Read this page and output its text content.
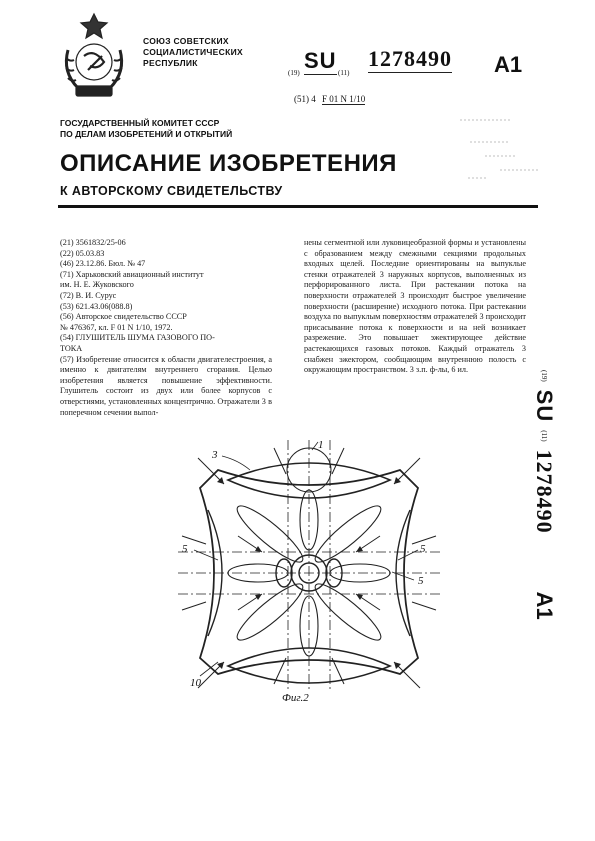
СОЮЗ СОВЕТСКИХ
СОЦИАЛИСТИЧЕСКИХ
РЕСПУБЛИК
(19) SU (11)
1278490 A1
(51) 4 F 01 N 1/10
ГОСУДАРСТВЕННЫЙ КОМИТЕТ СССР
ПО ДЕЛАМ ИЗОБРЕТЕНИЙ И ОТКРЫТИЙ
ОПИСАНИЕ ИЗОБРЕТЕНИЯ
К АВТОРСКОМУ СВИДЕТЕЛЬСТВУ
(21) 3561832/25-06
(22) 05.03.83
(46) 23.12.86. Бюл. № 47
(71) Харьковский авиационный институт
им. Н. Е. Жуковского
(72) В. И. Сурус
(53) 621.43.06(088.8)
(56) Авторское свидетельство СССР
№ 476367, кл. F 01 N 1/10, 1972.
(54) ГЛУШИТЕЛЬ ШУМА ГАЗОВОГО ПО-
ТОКА
(57) Изобретение относится к области двигателестроения, а именно к двигателям внутреннего сгорания. Целью изобретения является повышение эффективности. Глушитель состоит из двух или более корпусов с отверстиями, установленных концентрично. Отражатели 3 в поперечном сечении выпол-
нены сегментной или луковицеобразной формы и установлены с образованием между смежными секциями продольных входных щелей. Последние ориентированы на выпуклые стенки отражателей 3 наружных корпусов, выполненных из перфорированного листа. При растекании потока на поверхности отражателей 3 происходит быстрое увеличение поверхности (расширение) исходного потока. При растекании воздуха по выпуклым поверхностям отражателей 3 происходит присасывание потока к поверхности и на ней возникает разрежение. Это повышает эжектирующее действие растекающихся газовых потоков. Каждый отражатель 3 снабжен эжектором, сообщающим внутреннюю полость с окружающим пространством. 3 з.п. ф-лы, 6 ил.
(19)
SU
(11)
1278490
A1
3
1
5	5
5
10
Фиг.2
